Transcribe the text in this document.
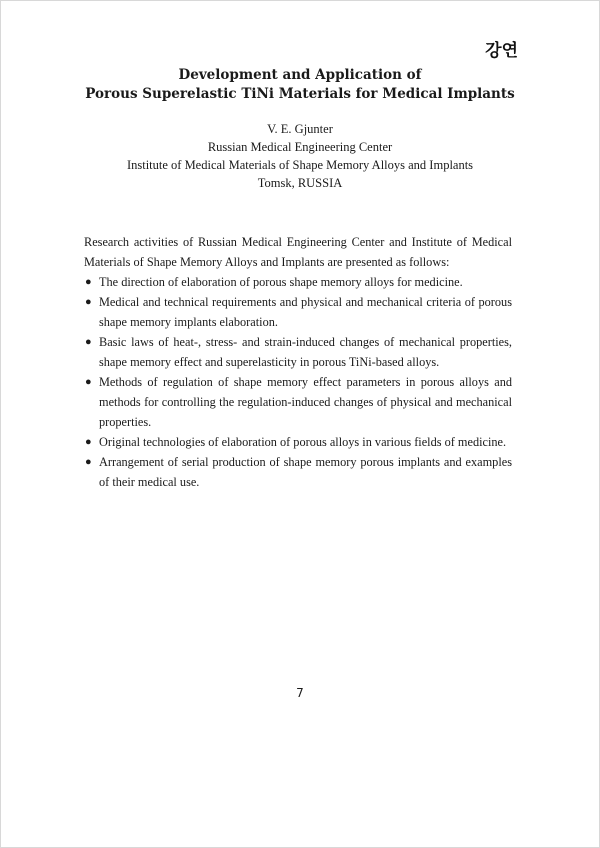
강연
Development and Application of
Porous Superelastic TiNi Materials for Medical Implants
V. E. Gjunter
Russian Medical Engineering Center
Institute of Medical Materials of Shape Memory Alloys and Implants
Tomsk, RUSSIA

Research activities of Russian Medical Engineering Center and Institute of Medical Materials of Shape Memory Alloys and Implants are presented as follows:

● The direction of elaboration of porous shape memory alloys for medicine.
● Medical and technical requirements and physical and mechanical criteria of porous shape memory implants elaboration.
● Basic laws of heat-, stress- and strain-induced changes of mechanical properties, shape memory effect and superelasticity in porous TiNi-based alloys.
● Methods of regulation of shape memory effect parameters in porous alloys and methods for controlling the regulation-induced changes of physical and mechanical properties.
● Original technologies of elaboration of porous alloys in various fields of medicine.
● Arrangement of serial production of shape memory porous implants and examples of their medical use.
7
